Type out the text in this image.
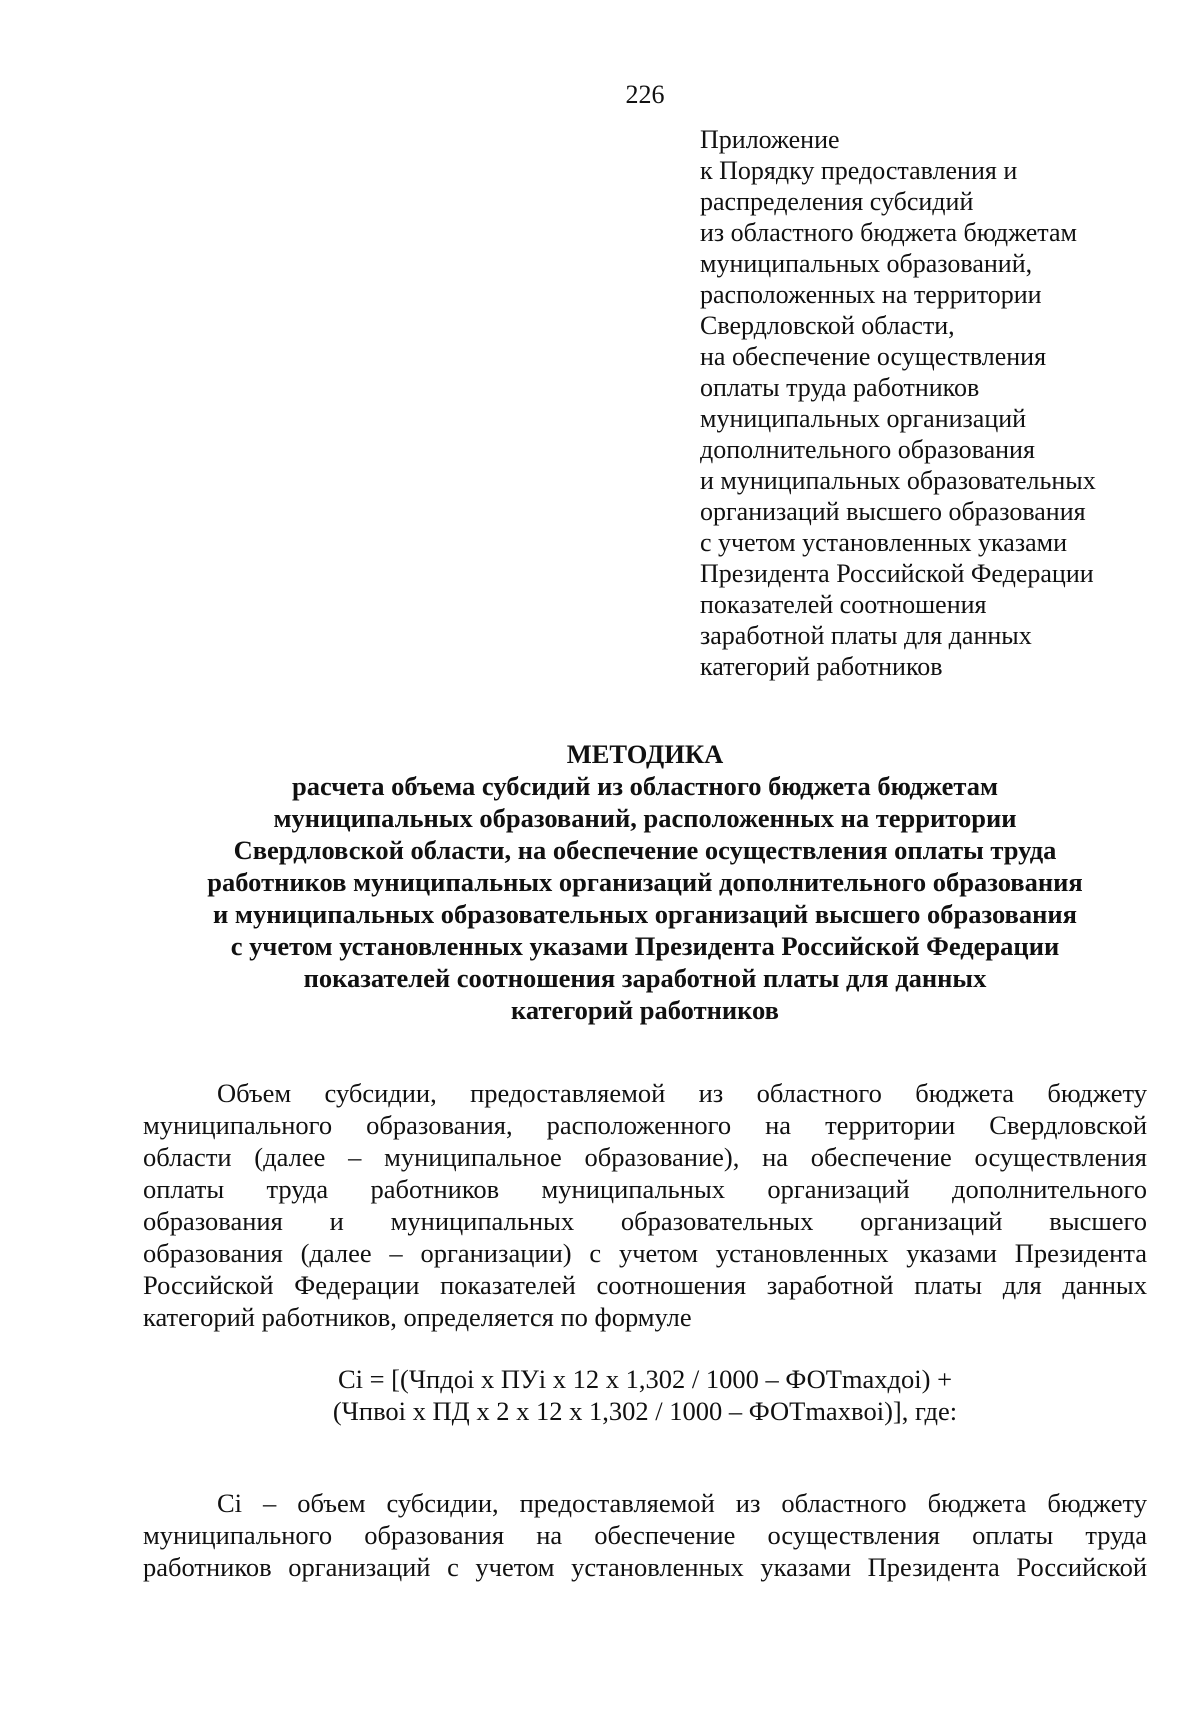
226
Приложение
к Порядку предоставления и
распределения субсидий
из областного бюджета бюджетам
муниципальных образований,
расположенных на территории
Свердловской области,
на обеспечение осуществления
оплаты труда работников
муниципальных организаций
дополнительного образования
и муниципальных образовательных
организаций высшего образования
с учетом установленных указами
Президента Российской Федерации
показателей соотношения
заработной платы для данных
категорий работников
МЕТОДИКА
расчета объема субсидий из областного бюджета бюджетам
муниципальных образований, расположенных на территории
Свердловской области, на обеспечение осуществления оплаты труда
работников муниципальных организаций дополнительного образования
и муниципальных образовательных организаций высшего образования
с учетом установленных указами Президента Российской Федерации
показателей соотношения заработной платы для данных
категорий работников
Объем субсидии, предоставляемой из областного бюджета бюджету
муниципального образования, расположенного на территории Свердловской
области (далее – муниципальное образование), на обеспечение осуществления
оплаты труда работников муниципальных организаций дополнительного
образования и муниципальных образовательных организаций высшего
образования (далее – организации) с учетом установленных указами Президента
Российской Федерации показателей соотношения заработной платы для данных
категорий работников, определяется по формуле
Ci = [(Чпдоi x ПУi x 12 x 1,302 / 1000 – ФОТmaxдoi) +
(Чпвоi x ПД x 2 x 12 x 1,302 / 1000 – ФОТmaxвoi)], где:
Ci – объем субсидии, предоставляемой из областного бюджета бюджету
муниципального образования на обеспечение осуществления оплаты труда
работников организаций с учетом установленных указами Президента Российской
